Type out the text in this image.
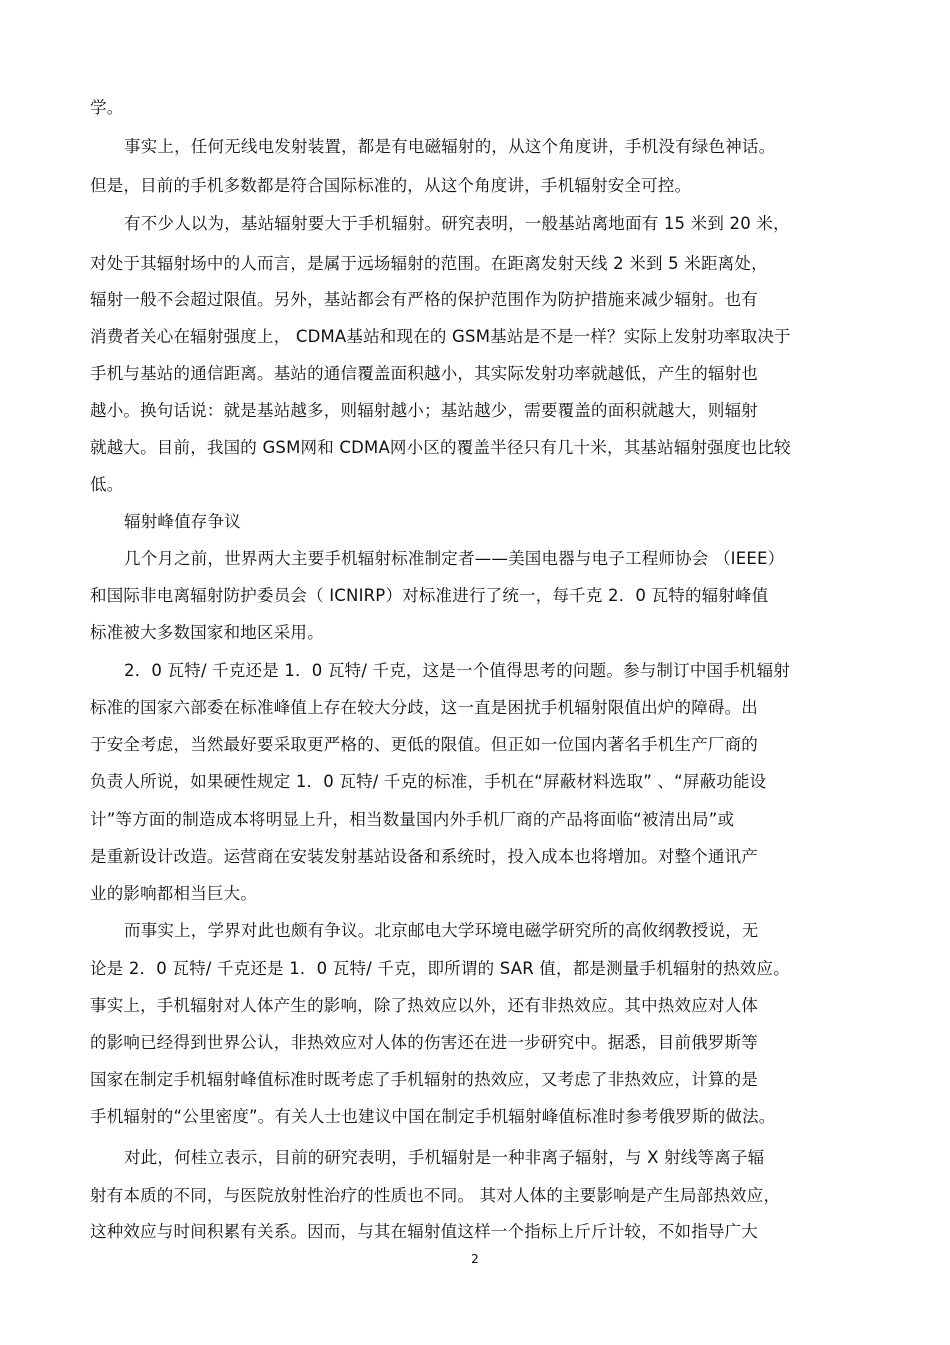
学。
事实上，任何无线电发射装置，都是有电磁辐射的，从这个角度讲，手机没有绿色神话。
但是，目前的手机多数都是符合国际标准的，从这个角度讲，手机辐射安全可控。
有不少人以为，基站辐射要大于手机辐射。研究表明，一般基站离地面有 15 米到 20 米，
对处于其辐射场中的人而言，是属于远场辐射的范围。在距离发射天线 2 米到 5 米距离处，
辐射一般不会超过限值。另外，基站都会有严格的保护范围作为防护措施来减少辐射。也有
消费者关心在辐射强度上， CDMA基站和现在的 GSM基站是不是一样？实际上发射功率取决于
手机与基站的通信距离。基站的通信覆盖面积越小，其实际发射功率就越低，产生的辐射也
越小。换句话说：就是基站越多，则辐射越小；基站越少，需要覆盖的面积就越大，则辐射
就越大。目前，我国的 GSM网和 CDMA网小区的覆盖半径只有几十米，其基站辐射强度也比较
低。
辐射峰值存争议
几个月之前，世界两大主要手机辐射标准制定者——美国电器与电子工程师协会 （IEEE）
和国际非电离辐射防护委员会（ ICNIRP）对标准进行了统一，每千克 2．0 瓦特的辐射峰值
标准被大多数国家和地区采用。
2．0 瓦特/ 千克还是 1．0 瓦特/ 千克，这是一个值得思考的问题。参与制订中国手机辐射
标准的国家六部委在标准峰值上存在较大分歧，这一直是困扰手机辐射限值出炉的障碍。出
于安全考虑，当然最好要采取更严格的、更低的限值。但正如一位国内著名手机生产厂商的
负责人所说，如果硬性规定 1．0 瓦特/ 千克的标准，手机在“屏蔽材料选取” 、“屏蔽功能设
计”等方面的制造成本将明显上升，相当数量国内外手机厂商的产品将面临“被清出局”或
是重新设计改造。运营商在安装发射基站设备和系统时，投入成本也将增加。对整个通讯产
业的影响都相当巨大。
而事实上，学界对此也颇有争议。北京邮电大学环境电磁学研究所的高攸纲教授说，无
论是 2．0 瓦特/ 千克还是 1．0 瓦特/ 千克，即所谓的 SAR 值，都是测量手机辐射的热效应。
事实上，手机辐射对人体产生的影响，除了热效应以外，还有非热效应。其中热效应对人体
的影响已经得到世界公认，非热效应对人体的伤害还在进一步研究中。据悉，目前俄罗斯等
国家在制定手机辐射峰值标准时既考虑了手机辐射的热效应，又考虑了非热效应，计算的是
手机辐射的“公里密度”。有关人士也建议中国在制定手机辐射峰值标准时参考俄罗斯的做法。
对此，何桂立表示，目前的研究表明，手机辐射是一种非离子辐射，与 X 射线等离子辐
射有本质的不同，与医院放射性治疗的性质也不同。 其对人体的主要影响是产生局部热效应，
这种效应与时间积累有关系。因而，与其在辐射值这样一个指标上斤斤计较，不如指导广大
2
